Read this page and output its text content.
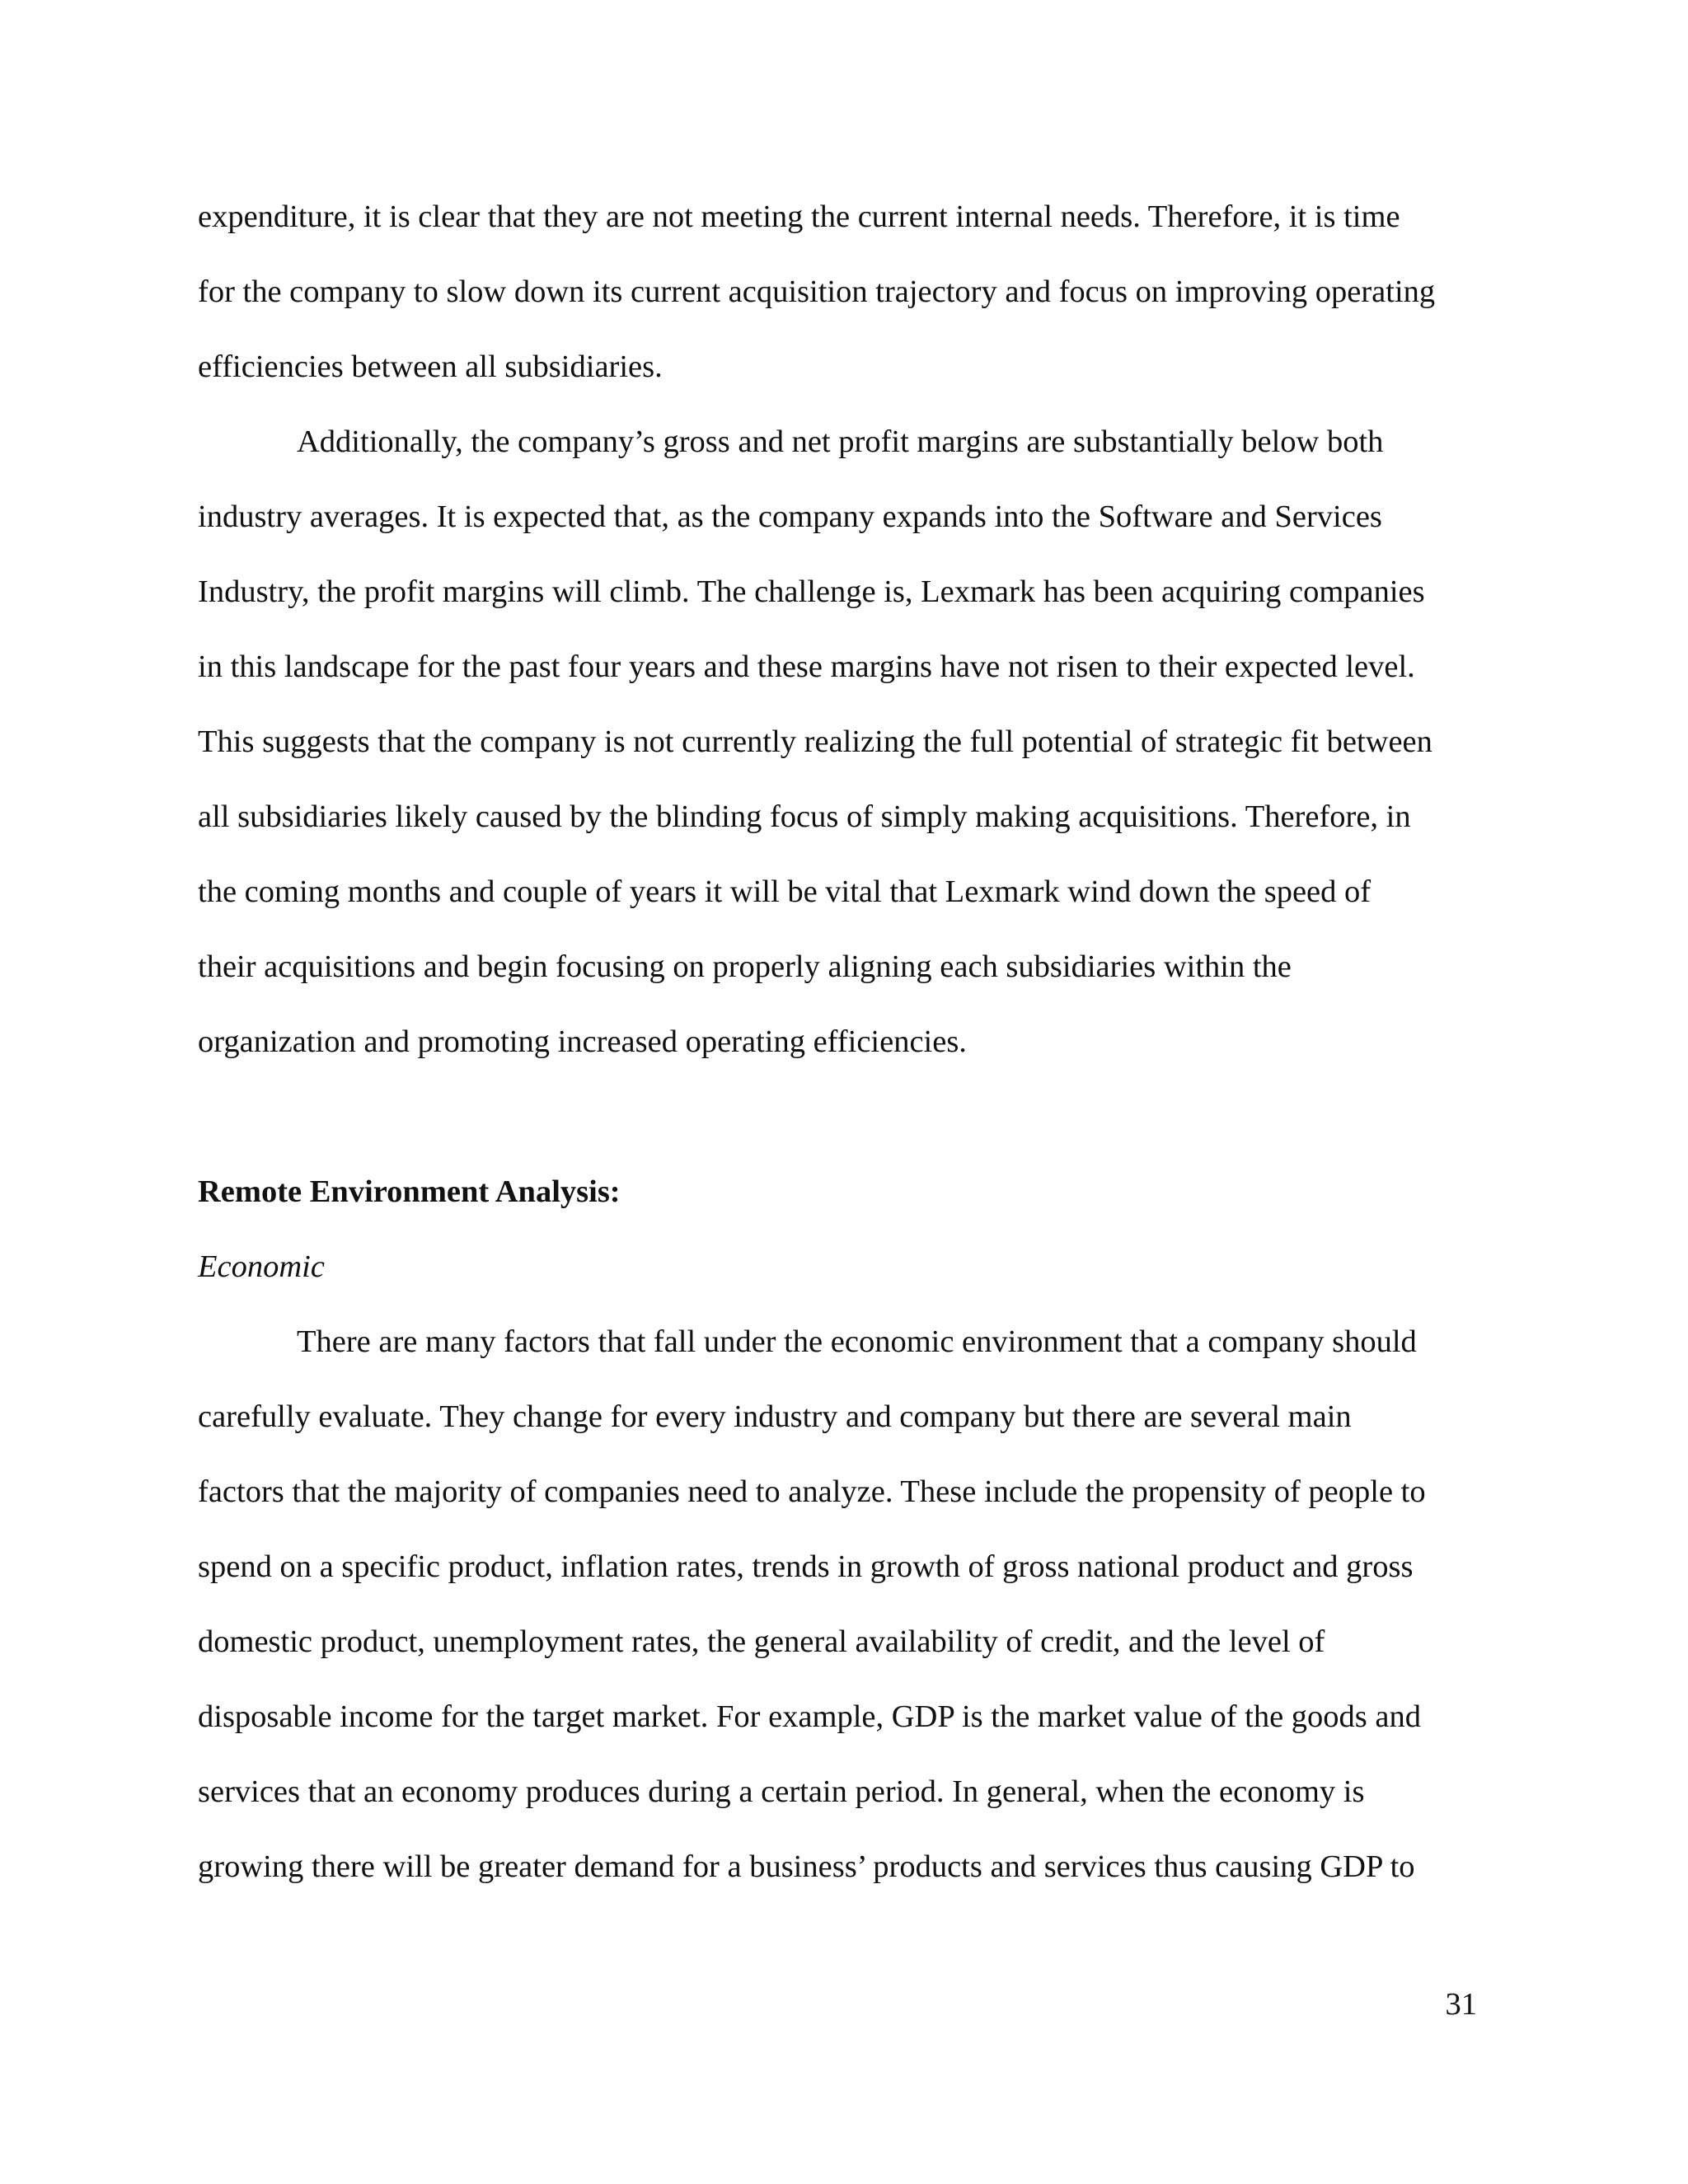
expenditure, it is clear that they are not meeting the current internal needs. Therefore, it is time
for the company to slow down its current acquisition trajectory and focus on improving operating
efficiencies between all subsidiaries.
Additionally, the company’s gross and net profit margins are substantially below both
industry averages. It is expected that, as the company expands into the Software and Services
Industry, the profit margins will climb. The challenge is, Lexmark has been acquiring companies
in this landscape for the past four years and these margins have not risen to their expected level.
This suggests that the company is not currently realizing the full potential of strategic fit between
all subsidiaries likely caused by the blinding focus of simply making acquisitions. Therefore, in
the coming months and couple of years it will be vital that Lexmark wind down the speed of
their acquisitions and begin focusing on properly aligning each subsidiaries within the
organization and promoting increased operating efficiencies.
Remote Environment Analysis:
Economic
There are many factors that fall under the economic environment that a company should
carefully evaluate. They change for every industry and company but there are several main
factors that the majority of companies need to analyze. These include the propensity of people to
spend on a specific product, inflation rates, trends in growth of gross national product and gross
domestic product, unemployment rates, the general availability of credit, and the level of
disposable income for the target market. For example, GDP is the market value of the goods and
services that an economy produces during a certain period. In general, when the economy is
growing there will be greater demand for a business’ products and services thus causing GDP to
31
